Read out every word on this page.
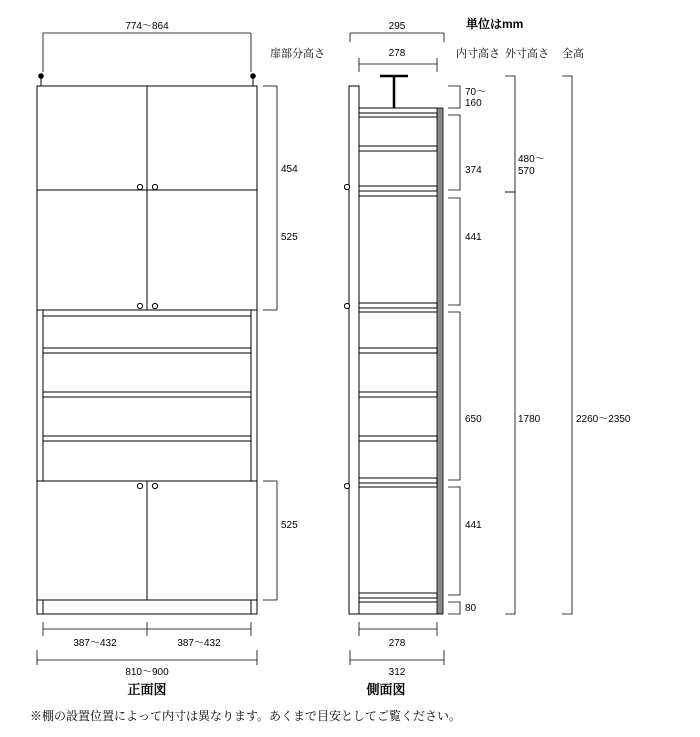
774～864
454
525
525
387～432	387～432
810～900
正面図
単位はmm
295
278
扉部分高さ	内寸高さ 外寸高さ 全高
70～ 160
374
441
650
441
80
480～ 570
1780	2260～2350
278
312
側面図
※棚の設置位置によって内寸は異なります。あくまで目安としてご覧ください。
